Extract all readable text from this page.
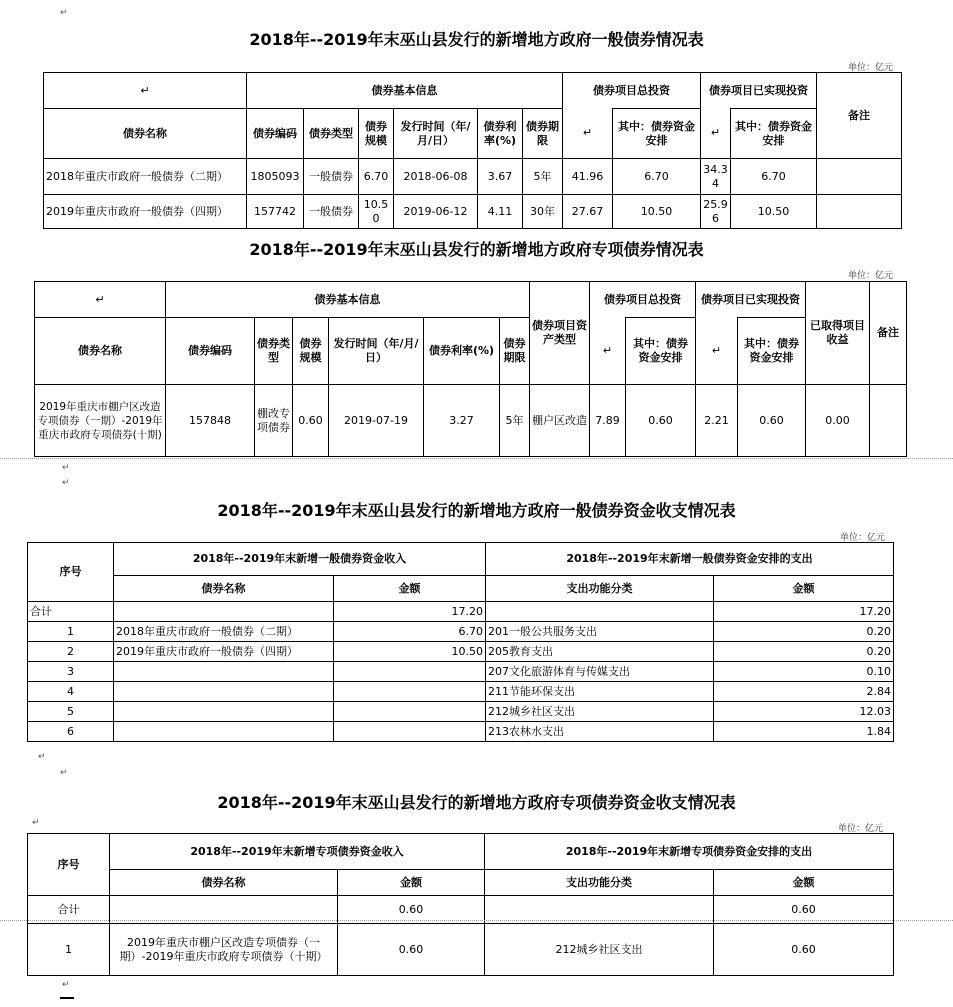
↵
↵
↵
↵
↵
↵
↵
2018年--2019年末巫山县发行的新增地方政府一般债券情况表
单位：亿元
↵	债券基本信息						债券项目总投资		债券项目已实现投资		备注
债券名称	债券编码	债券类型	债券规模	发行时间（年/月/日）	债券利率(%)	债券期限	↵	其中：债券资金安排	↵	其中：债券资金安排	
2018年重庆市政府一般债券（二期）	1805093	一般债券	6.70	2018-06-08	3.67	5年	41.96	6.70	34.34	6.70	
2019年重庆市政府一般债券（四期）	157742	一般债券	10.50	2019-06-12	4.11	30年	27.67	10.50	25.96	10.50	
2018年--2019年末巫山县发行的新增地方政府专项债券情况表
单位：亿元
↵	债券基本信息						债券项目资产类型	债券项目总投资		债券项目已实现投资		已取得项目收益	备注
债券名称	债券编码	债券类型	债券规模	发行时间（年/月/日）	债券利率(%)	债券期限		↵	其中：债券资金安排	↵	其中：债券资金安排		
2019年重庆市棚户区改造专项债券（一期）-2019年重庆市政府专项债券(十期)	157848	棚改专项债券	0.60	2019-07-19	3.27	5年	棚户区改造	7.89	0.60	2.21	0.60	0.00	
2018年--2019年末巫山县发行的新增地方政府一般债券资金收支情况表
单位：亿元
序号	2018年--2019年末新增一般债券资金收入		2018年--2019年末新增一般债券资金安排的支出	
	债券名称	金额	支出功能分类	金额
合计		17.20		17.20
1	2018年重庆市政府一般债券（二期）	6.70	201一般公共服务支出	0.20
2	2019年重庆市政府一般债券（四期）	10.50	205教育支出	0.20
3			207文化旅游体育与传媒支出	0.10
4			211节能环保支出	2.84
5			212城乡社区支出	12.03
6			213农林水支出	1.84
2018年--2019年末巫山县发行的新增地方政府专项债券资金收支情况表
单位：亿元
序号	2018年--2019年末新增专项债券资金收入		2018年--2019年末新增专项债券资金安排的支出	
	债券名称	金额	支出功能分类	金额
合计		0.60		0.60
1	2019年重庆市棚户区改造专项债券（一期）-2019年重庆市政府专项债券（十期）	0.60	212城乡社区支出	0.60
